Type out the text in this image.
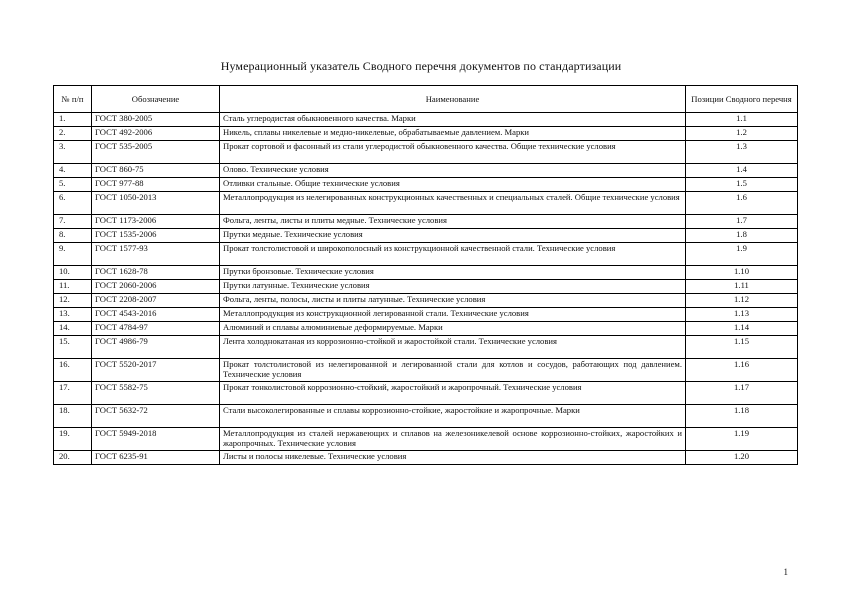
Нумерационный указатель Сводного перечня документов по стандартизации
№ п/п	Обозначение	Наименование	Позиции Сводного перечня
1.	ГОСТ 380-2005	Сталь углеродистая обыкновенного качества. Марки	1.1
2.	ГОСТ 492-2006	Никель, сплавы никелевые и медно-никелевые, обрабатываемые давлением. Марки	1.2
3.	ГОСТ 535-2005	Прокат сортовой и фасонный из стали углеродистой обыкновенного качества. Общие технические условия	1.3
4.	ГОСТ 860-75	Олово. Технические условия	1.4
5.	ГОСТ 977-88	Отливки стальные. Общие технические условия	1.5
6.	ГОСТ 1050-2013	Металлопродукция из нелегированных конструкционных качественных и специальных сталей. Общие технические условия	1.6
7.	ГОСТ 1173-2006	Фольга, ленты, листы и плиты медные. Технические условия	1.7
8.	ГОСТ 1535-2006	Прутки медные. Технические условия	1.8
9.	ГОСТ 1577-93	Прокат толстолистовой и широкополосный из конструкционной качественной стали. Технические условия	1.9
10.	ГОСТ 1628-78	Прутки бронзовые. Технические условия	1.10
11.	ГОСТ 2060-2006	Прутки латунные. Технические условия	1.11
12.	ГОСТ 2208-2007	Фольга, ленты, полосы, листы и плиты латунные. Технические условия	1.12
13.	ГОСТ 4543-2016	Металлопродукция из конструкционной легированной стали. Технические условия	1.13
14.	ГОСТ 4784-97	Алюминий и сплавы алюминиевые деформируемые. Марки	1.14
15.	ГОСТ 4986-79	Лента холоднокатаная из коррозионно-стойкой и жаростойкой стали. Технические условия	1.15
16.	ГОСТ 5520-2017	Прокат толстолистовой из нелегированной и легированной стали для котлов и сосудов, работающих под давлением. Технические условия	1.16
17.	ГОСТ 5582-75	Прокат тонколистовой коррозионно-стойкий, жаростойкий и жаропрочный. Технические условия	1.17
18.	ГОСТ 5632-72	Стали высоколегированные и сплавы коррозионно-стойкие, жаростойкие и жаропрочные. Марки	1.18
19.	ГОСТ 5949-2018	Металлопродукция из сталей нержавеющих и сплавов на железоникелевой основе коррозионно-стойких, жаростойких и жаропрочных. Технические условия	1.19
20.	ГОСТ 6235-91	Листы и полосы никелевые. Технические условия	1.20
1
